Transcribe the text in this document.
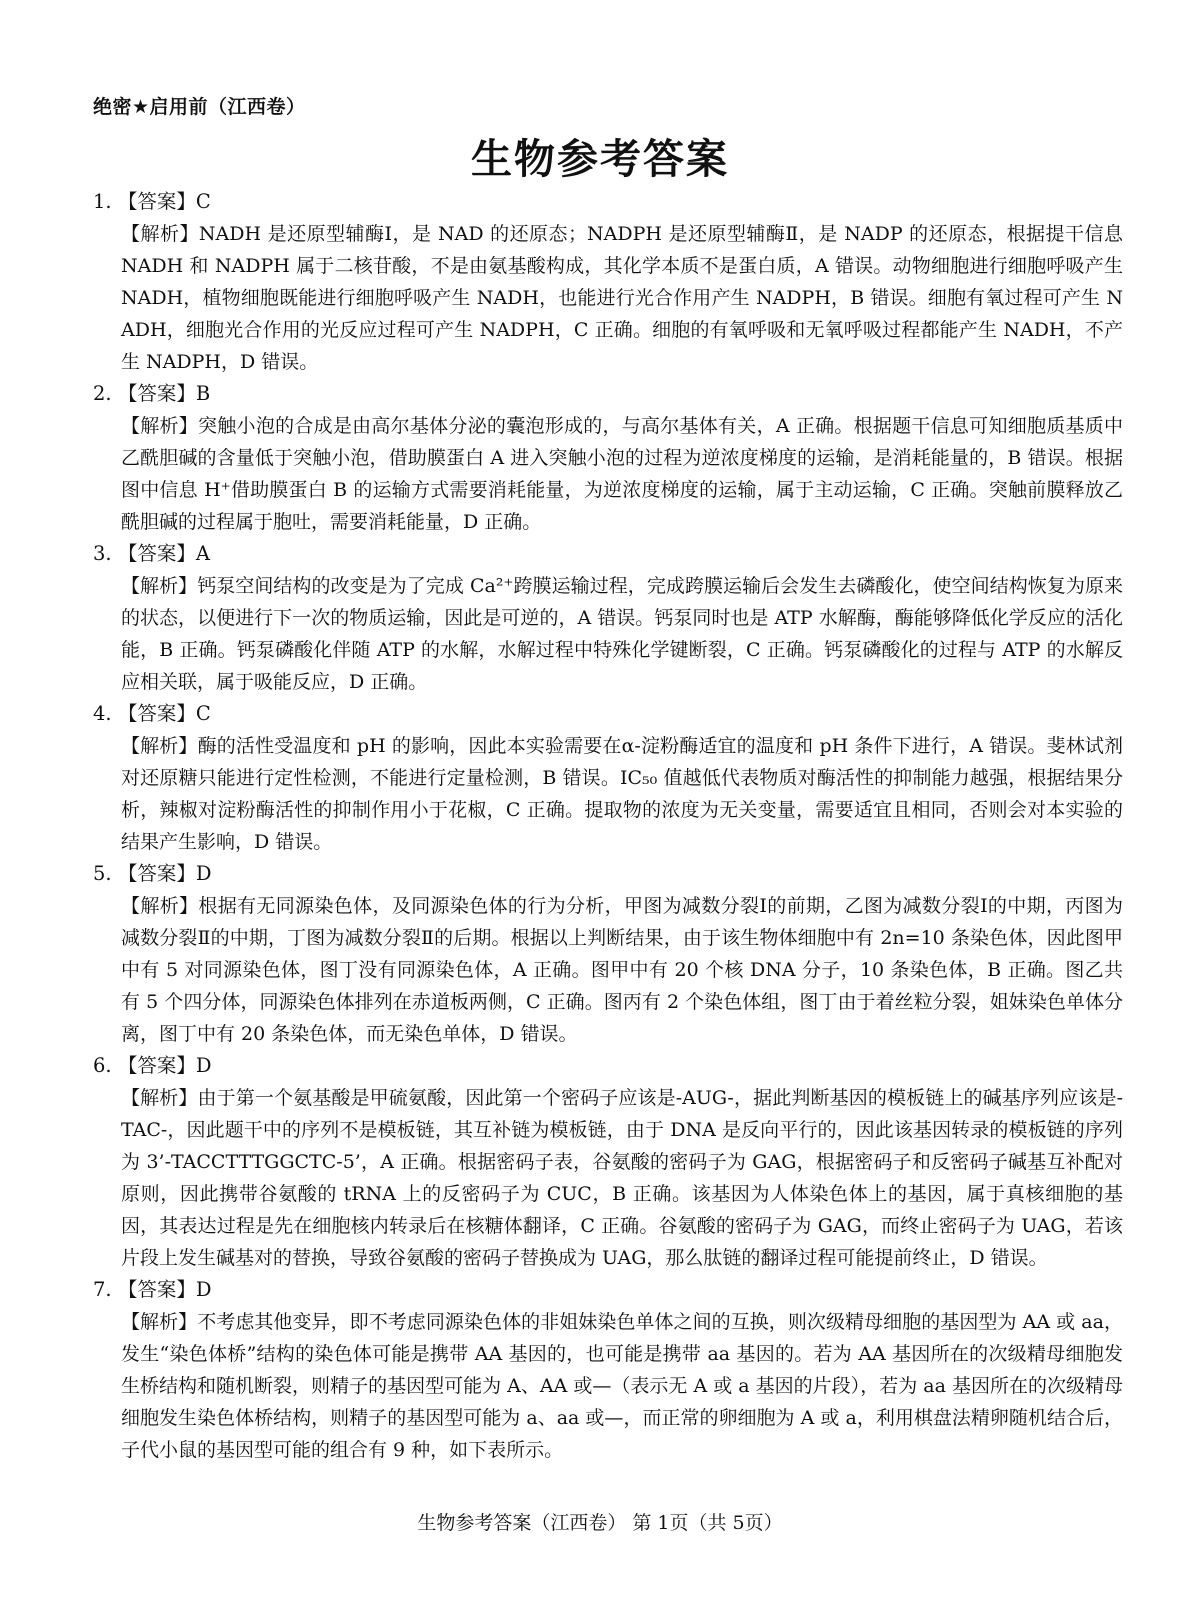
绝密★启用前（江西卷）
生物参考答案
1. 【答案】C

【解析】NADH 是还原型辅酶Ⅰ，是 NAD 的还原态；NADPH 是还原型辅酶Ⅱ，是 NADP 的还原态，根据提干信息 NADH 和 NADPH 属于二核苷酸，不是由氨基酸构成，其化学本质不是蛋白质，A 错误。动物细胞进行细胞呼吸产生 NADH，植物细胞既能进行细胞呼吸产生 NADH，也能进行光合作用产生 NADPH，B 错误。细胞有氧过程可产生 NADH，细胞光合作用的光反应过程可产生 NADPH，C 正确。细胞的有氧呼吸和无氧呼吸过程都能产生 NADH，不产生 NADPH，D 错误。

2. 【答案】B

【解析】突触小泡的合成是由高尔基体分泌的囊泡形成的，与高尔基体有关，A 正确。根据题干信息可知细胞质基质中乙酰胆碱的含量低于突触小泡，借助膜蛋白 A 进入突触小泡的过程为逆浓度梯度的运输，是消耗能量的，B 错误。根据图中信息 H⁺借助膜蛋白 B 的运输方式需要消耗能量，为逆浓度梯度的运输，属于主动运输，C 正确。突触前膜释放乙酰胆碱的过程属于胞吐，需要消耗能量，D 正确。

3. 【答案】A

【解析】钙泵空间结构的改变是为了完成 Ca²⁺跨膜运输过程，完成跨膜运输后会发生去磷酸化，使空间结构恢复为原来的状态，以便进行下一次的物质运输，因此是可逆的，A 错误。钙泵同时也是 ATP 水解酶，酶能够降低化学反应的活化能，B 正确。钙泵磷酸化伴随 ATP 的水解，水解过程中特殊化学键断裂，C 正确。钙泵磷酸化的过程与 ATP 的水解反应相关联，属于吸能反应，D 正确。

4. 【答案】C

【解析】酶的活性受温度和 pH 的影响，因此本实验需要在α-淀粉酶适宜的温度和 pH 条件下进行，A 错误。斐林试剂对还原糖只能进行定性检测，不能进行定量检测，B 错误。IC₅₀ 值越低代表物质对酶活性的抑制能力越强，根据结果分析，辣椒对淀粉酶活性的抑制作用小于花椒，C 正确。提取物的浓度为无关变量，需要适宜且相同，否则会对本实验的结果产生影响，D 错误。

5. 【答案】D

【解析】根据有无同源染色体，及同源染色体的行为分析，甲图为减数分裂Ⅰ的前期，乙图为减数分裂Ⅰ的中期，丙图为减数分裂Ⅱ的中期，丁图为减数分裂Ⅱ的后期。根据以上判断结果，由于该生物体细胞中有 2n=10 条染色体，因此图甲中有 5 对同源染色体，图丁没有同源染色体，A 正确。图甲中有 20 个核 DNA 分子，10 条染色体，B 正确。图乙共有 5 个四分体，同源染色体排列在赤道板两侧，C 正确。图丙有 2 个染色体组，图丁由于着丝粒分裂，姐妹染色单体分离，图丁中有 20 条染色体，而无染色单体，D 错误。

6. 【答案】D

【解析】由于第一个氨基酸是甲硫氨酸，因此第一个密码子应该是-AUG-，据此判断基因的模板链上的碱基序列应该是-TAC-，因此题干中的序列不是模板链，其互补链为模板链，由于 DNA 是反向平行的，因此该基因转录的模板链的序列为 3’-TACCTTTGGCTC-5’，A 正确。根据密码子表，谷氨酸的密码子为 GAG，根据密码子和反密码子碱基互补配对原则，因此携带谷氨酸的 tRNA 上的反密码子为 CUC，B 正确。该基因为人体染色体上的基因，属于真核细胞的基因，其表达过程是先在细胞核内转录后在核糖体翻译，C 正确。谷氨酸的密码子为 GAG，而终止密码子为 UAG，若该片段上发生碱基对的替换，导致谷氨酸的密码子替换成为 UAG，那么肽链的翻译过程可能提前终止，D 错误。

7. 【答案】D

【解析】不考虑其他变异，即不考虑同源染色体的非姐妹染色单体之间的互换，则次级精母细胞的基因型为 AA 或 aa，发生“染色体桥”结构的染色体可能是携带 AA 基因的，也可能是携带 aa 基因的。若为 AA 基因所在的次级精母细胞发生桥结构和随机断裂，则精子的基因型可能为 A、AA 或—（表示无 A 或 a 基因的片段），若为 aa 基因所在的次级精母细胞发生染色体桥结构，则精子的基因型可能为 a、aa 或—，而正常的卵细胞为 A 或 a，利用棋盘法精卵随机结合后，子代小鼠的基因型可能的组合有 9 种，如下表所示。

生物参考答案（江西卷） 第 1页（共 5页）
